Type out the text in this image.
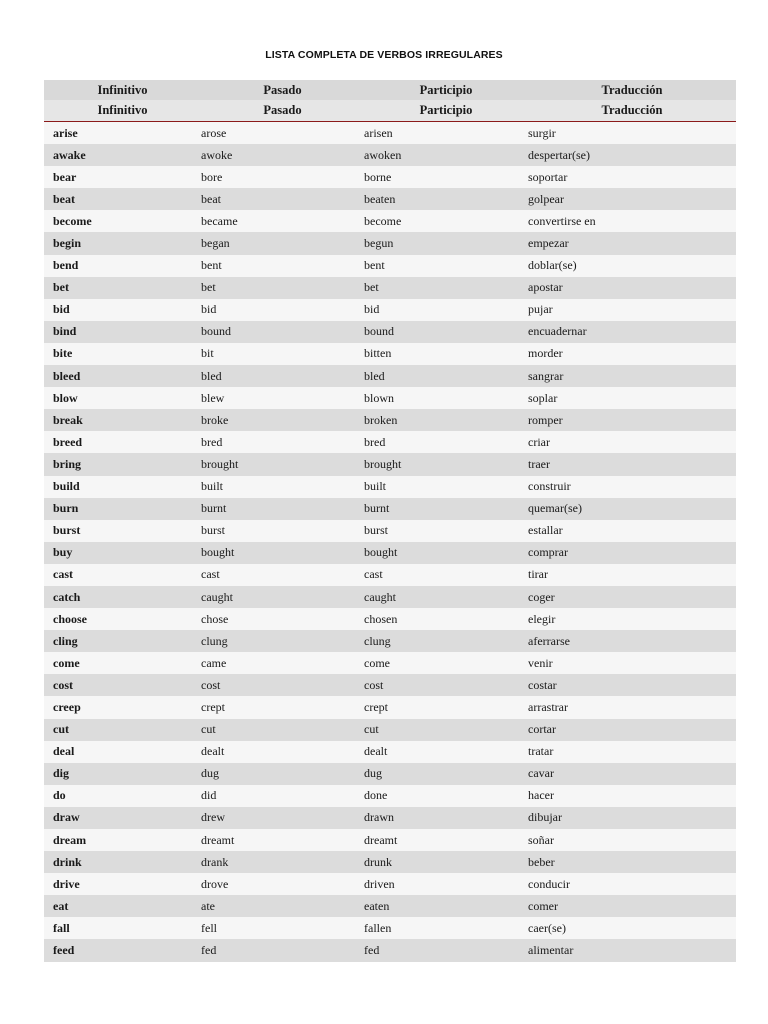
LISTA COMPLETA DE VERBOS IRREGULARES
Infinitivo	Pasado	Participio	Traducción
Infinitivo	Pasado	Participio	Traducción
arise	arose	arisen	surgir
awake	awoke	awoken	despertar(se)
bear	bore	borne	soportar
beat	beat	beaten	golpear
become	became	become	convertirse en
begin	began	begun	empezar
bend	bent	bent	doblar(se)
bet	bet	bet	apostar
bid	bid	bid	pujar
bind	bound	bound	encuadernar
bite	bit	bitten	morder
bleed	bled	bled	sangrar
blow	blew	blown	soplar
break	broke	broken	romper
breed	bred	bred	criar
bring	brought	brought	traer
build	built	built	construir
burn	burnt	burnt	quemar(se)
burst	burst	burst	estallar
buy	bought	bought	comprar
cast	cast	cast	tirar
catch	caught	caught	coger
choose	chose	chosen	elegir
cling	clung	clung	aferrarse
come	came	come	venir
cost	cost	cost	costar
creep	crept	crept	arrastrar
cut	cut	cut	cortar
deal	dealt	dealt	tratar
dig	dug	dug	cavar
do	did	done	hacer
draw	drew	drawn	dibujar
dream	dreamt	dreamt	soñar
drink	drank	drunk	beber
drive	drove	driven	conducir
eat	ate	eaten	comer
fall	fell	fallen	caer(se)
feed	fed	fed	alimentar
